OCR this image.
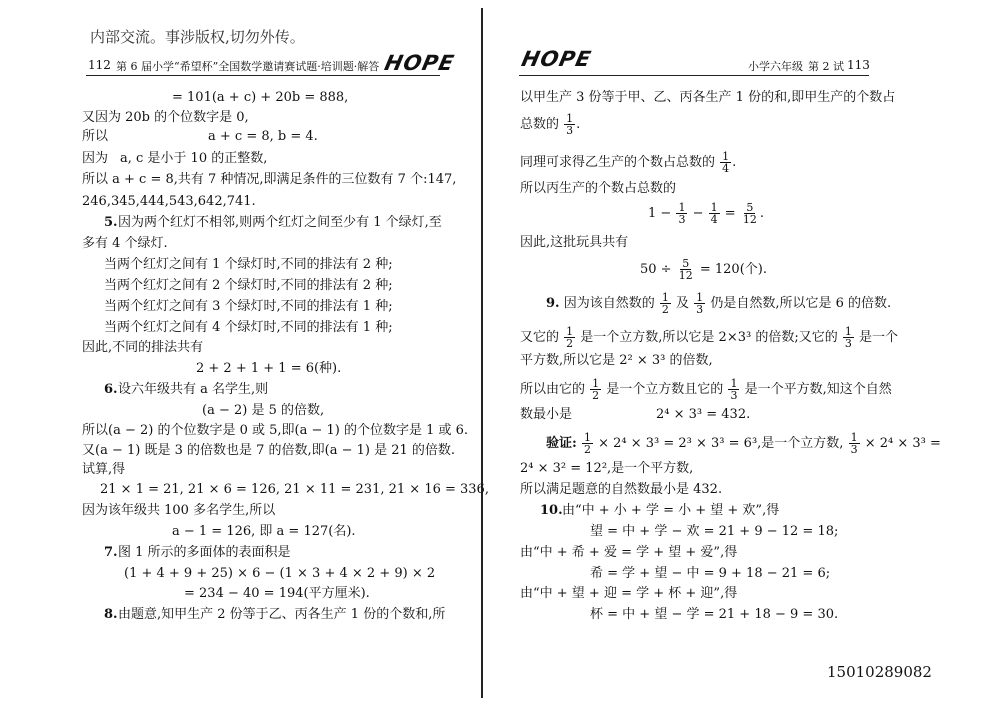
内部交流。事涉版权,切勿外传。
112 第 6 届小学“希望杯”全国数学邀请赛试题·培训题·解答 HOPE	HOPE	小学六年级 第 2 试 113
= 101(a + c) + 20b = 888,
又因为 20b 的个位数字是 0,
所以	a + c = 8, b = 4.
因为 a, c 是小于 10 的正整数,
所以 a + c = 8,共有 7 种情况,即满足条件的三位数有 7 个:147,
246,345,444,543,642,741.
5. 因为两个红灯不相邻,则两个红灯之间至少有 1 个绿灯,至
多有 4 个绿灯.
当两个红灯之间有 1 个绿灯时,不同的排法有 2 种;
当两个红灯之间有 2 个绿灯时,不同的排法有 2 种;
当两个红灯之间有 3 个绿灯时,不同的排法有 1 种;
当两个红灯之间有 4 个绿灯时,不同的排法有 1 种;
因此,不同的排法共有
2 + 2 + 1 + 1 = 6(种).
6. 设六年级共有 a 名学生,则
(a − 2) 是 5 的倍数,
所以(a − 2) 的个位数字是 0 或 5,即(a − 1) 的个位数字是 1 或 6.
又(a − 1) 既是 3 的倍数也是 7 的倍数,即(a − 1) 是 21 的倍数.
试算,得
21 × 1 = 21, 21 × 6 = 126, 21 × 11 = 231, 21 × 16 = 336,
因为该年级共 100 多名学生,所以
a − 1 = 126, 即 a = 127(名).
7. 图 1 所示的多面体的表面积是
(1 + 4 + 9 + 25) × 6 − (1 × 3 + 4 × 2 + 9) × 2
= 234 − 40 = 194(平方厘米).
8. 由题意,知甲生产 2 份等于乙、丙各生产 1 份的个数和,所
以甲生产 3 份等于甲、乙、丙各生产 1 份的和,即甲生产的个数占
总数的 $\frac{1}{3}$ .
同理可求得乙生产的个数占总数的 $\frac{1}{4}$ .
所以丙生产的个数占总数的
$1 - \frac{1}{3} - \frac{1}{4} = \frac{5}{12}$ .
因此,这批玩具共有
$50 \div \frac{5}{12} = 120$(个).
9. 因为该自然数的 $\frac{1}{2}$ 及 $\frac{1}{3}$ 仍是自然数,所以它是 6 的倍数.
又它的 $\frac{1}{2}$ 是一个立方数,所以它是 2×3³ 的倍数;又它的 $\frac{1}{3}$ 是一个
平方数,所以它是 2² × 3³ 的倍数,
所以由它的 $\frac{1}{2}$ 是一个立方数且它的 $\frac{1}{3}$ 是一个平方数,知这个自然
数最小是	2⁴ × 3³ = 432.
验证: $\frac{1}{2} \times 2^4 \times 3^3 = 2^3 \times 3^3 = 6^3$,是一个立方数, $\frac{1}{3} \times 2^4 \times 3^3$ =
2⁴ × 3² = 12²,是一个平方数,
所以满足题意的自然数最小是 432.
10. 由“中 + 小 + 学 = 小 + 望 + 欢”,得
望 = 中 + 学 − 欢 = 21 + 9 − 12 = 18;
由“中 + 希 + 爱 = 学 + 望 + 爱”,得
希 = 学 + 望 − 中 = 9 + 18 − 21 = 6;
由“中 + 望 + 迎 = 学 + 杯 + 迎”,得
杯 = 中 + 望 − 学 = 21 + 18 − 9 = 30.
15010289082
